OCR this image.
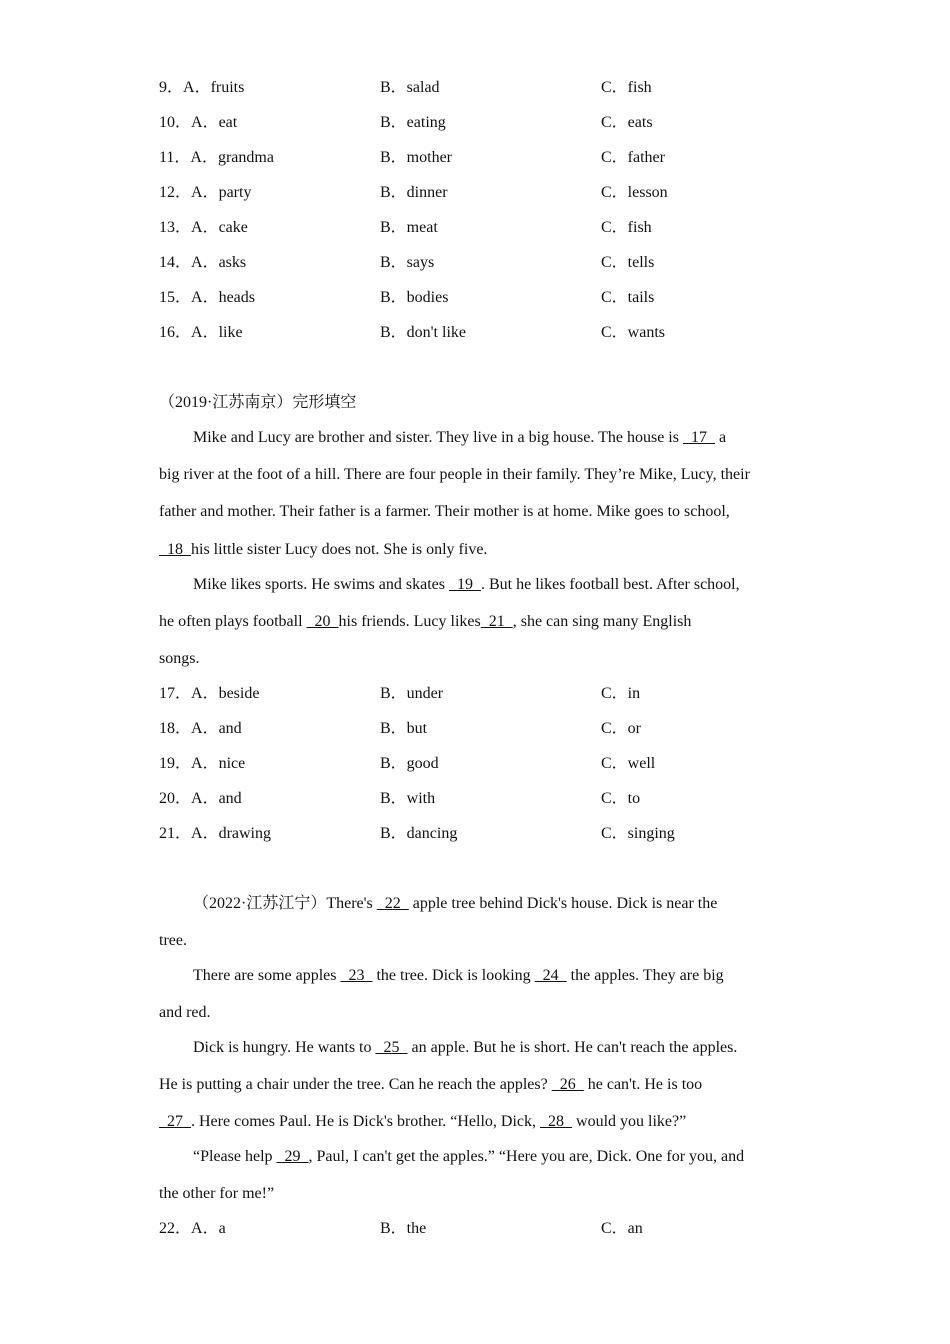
9．A．fruits	B．salad	C．fish
10．A．eat	B．eating	C．eats
11．A．grandma	B．mother	C．father
12．A．party	B．dinner	C．lesson
13．A．cake	B．meat	C．fish
14．A．asks	B．says	C．tells
15．A．heads	B．bodies	C．tails
16．A．like	B．don't like	C．wants
（2019·江苏南京）完形填空
Mike and Lucy are brother and sister. They live in a big house. The house is   17   a
big river at the foot of a hill. There are four people in their family. They’re Mike, Lucy, their
father and mother. Their father is a farmer. Their mother is at home. Mike goes to school,
18  his little sister Lucy does not. She is only five.
Mike likes sports. He swims and skates   19  . But he likes football best. After school,
he often plays football   20  his friends. Lucy likes  21  , she can sing many English
songs.
17．A．beside	B．under	C．in
18．A．and	B．but	C．or
19．A．nice	B．good	C．well
20．A．and	B．with	C．to
21．A．drawing	B．dancing	C．singing
（2022·江苏江宁）There's   22   apple tree behind Dick's house. Dick is near the
tree.
There are some apples   23   the tree. Dick is looking   24   the apples. They are big
and red.
Dick is hungry. He wants to   25   an apple. But he is short. He can't reach the apples.
He is putting a chair under the tree. Can he reach the apples?   26   he can't. He is too
27  . Here comes Paul. He is Dick's brother. “Hello, Dick,   28   would you like?”
“Please help   29  , Paul, I can't get the apples.” “Here you are, Dick. One for you, and
the other for me!”
22．A．a	B．the	C．an
